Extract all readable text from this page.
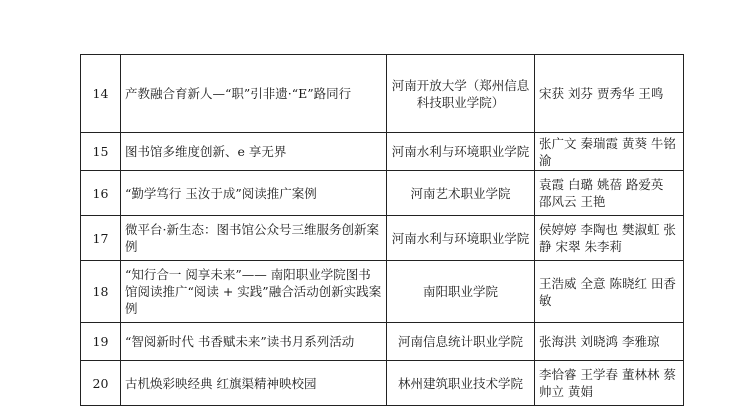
14	产教融合育新人—“职”引非遗·“E”路同行	河南开放大学（郑州信息科技职业学院）	宋获 刘芬 贾秀华 王鸣
15	图书馆多维度创新、e 享无界	河南水利与环境职业学院	张广文 秦瑞霞 黄葵 牛铭渝
16	“勤学笃行 玉汝于成”阅读推广案例	河南艺术职业学院	袁霞 白璐 姚蓓 路爱英 邵风云 王艳
17	微平台·新生态：图书馆公众号三维服务创新案例	河南水利与环境职业学院	侯婷婷 李陶也 樊淑虹 张静 宋翠 朱李莉
18	“知行合一 阅享未来”—— 南阳职业学院图书馆阅读推广“阅读 + 实践”融合活动创新实践案例	南阳职业学院	王浩威 全意 陈晓红 田香敏
19	“智阅新时代 书香赋未来”读书月系列活动	河南信息统计职业学院	张海洪 刘晓鸿 李雅琼
20	古机焕彩映经典 红旗渠精神映校园	林州建筑职业技术学院	李恰睿 王学春 董林林 蔡帅立 黄娟
